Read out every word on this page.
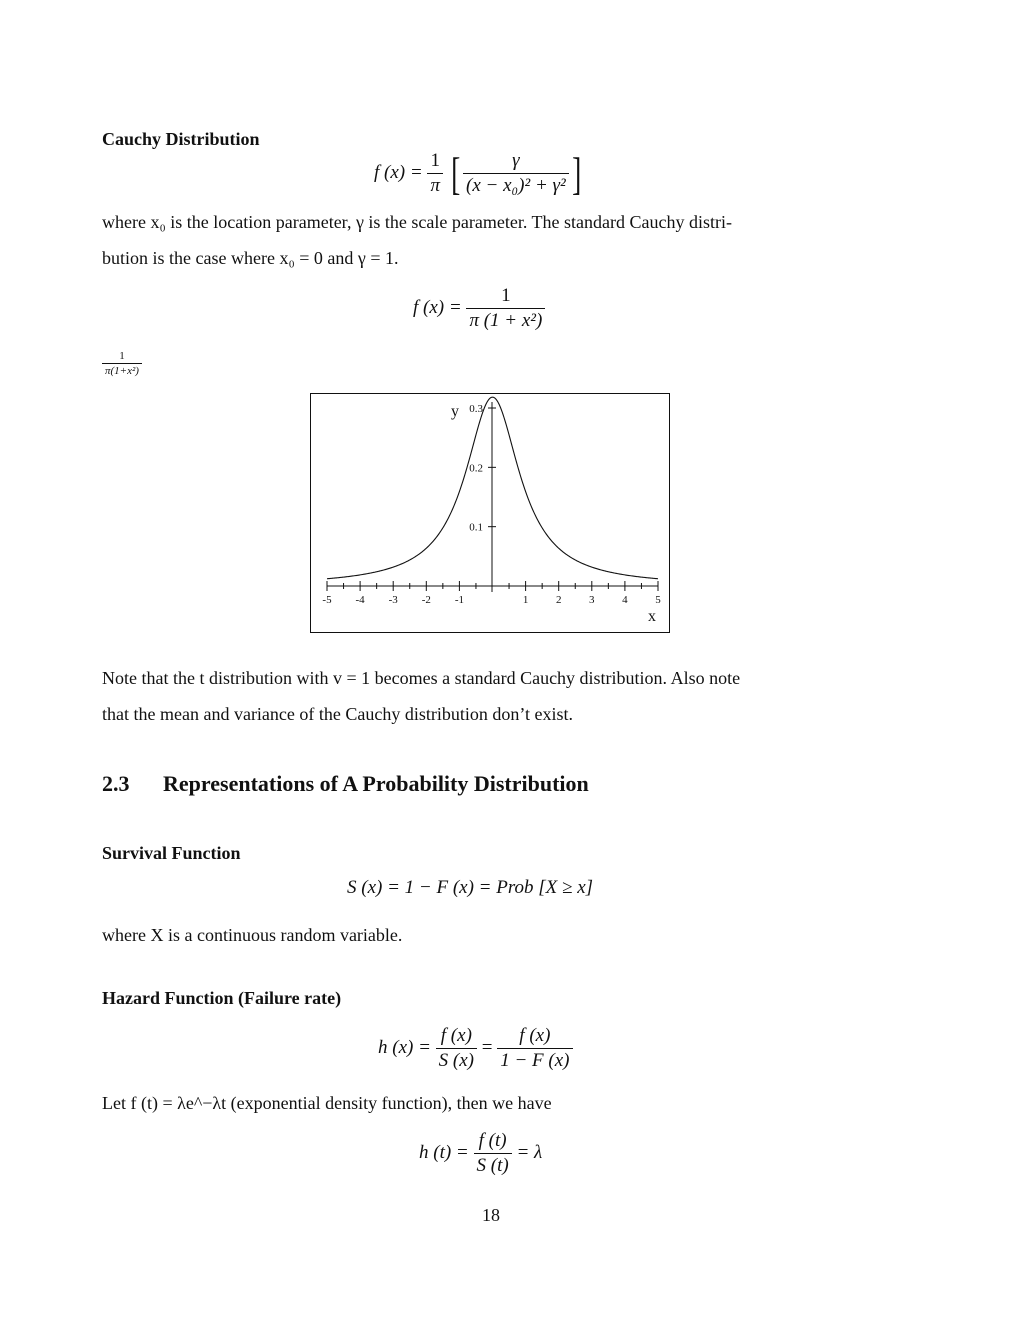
Cauchy Distribution
f $(x) = \frac{1}{\pi}$ [ $\frac{\gamma}{\text{(x − x₀)² + γ²}}$ ]
where x₀ is the location parameter, γ is the scale parameter. The standard Cauchy distri-
bution is the case where x₀ = 0 and γ = 1.
f $(x) = \frac{1}{\text{π (1 + x²)}}$
$\frac{1}{\text{π(1+x²)}}$
-5 -4 -3 -2 -1	1	2	3	4	5
0.1
0.2
0.3
y
x
Note that the t distribution with v = 1 becomes a standard Cauchy distribution. Also note
that the mean and variance of the Cauchy distribution don’t exist.
2.3 Representations of A Probability Distribution
Survival Function
S (x) = 1 − F (x) = Prob [X ≥ x]
where X is a continuous random variable.
Hazard Function (Failure rate)
h $(x) = \frac{f (x)}{S (x)} = \frac{f (x)}{1 - F (x)}$
Let f (t) = λe^−λt (exponential density function), then we have
h $(t) = \frac{f (t)}{S (t)} = \lambda$
18
